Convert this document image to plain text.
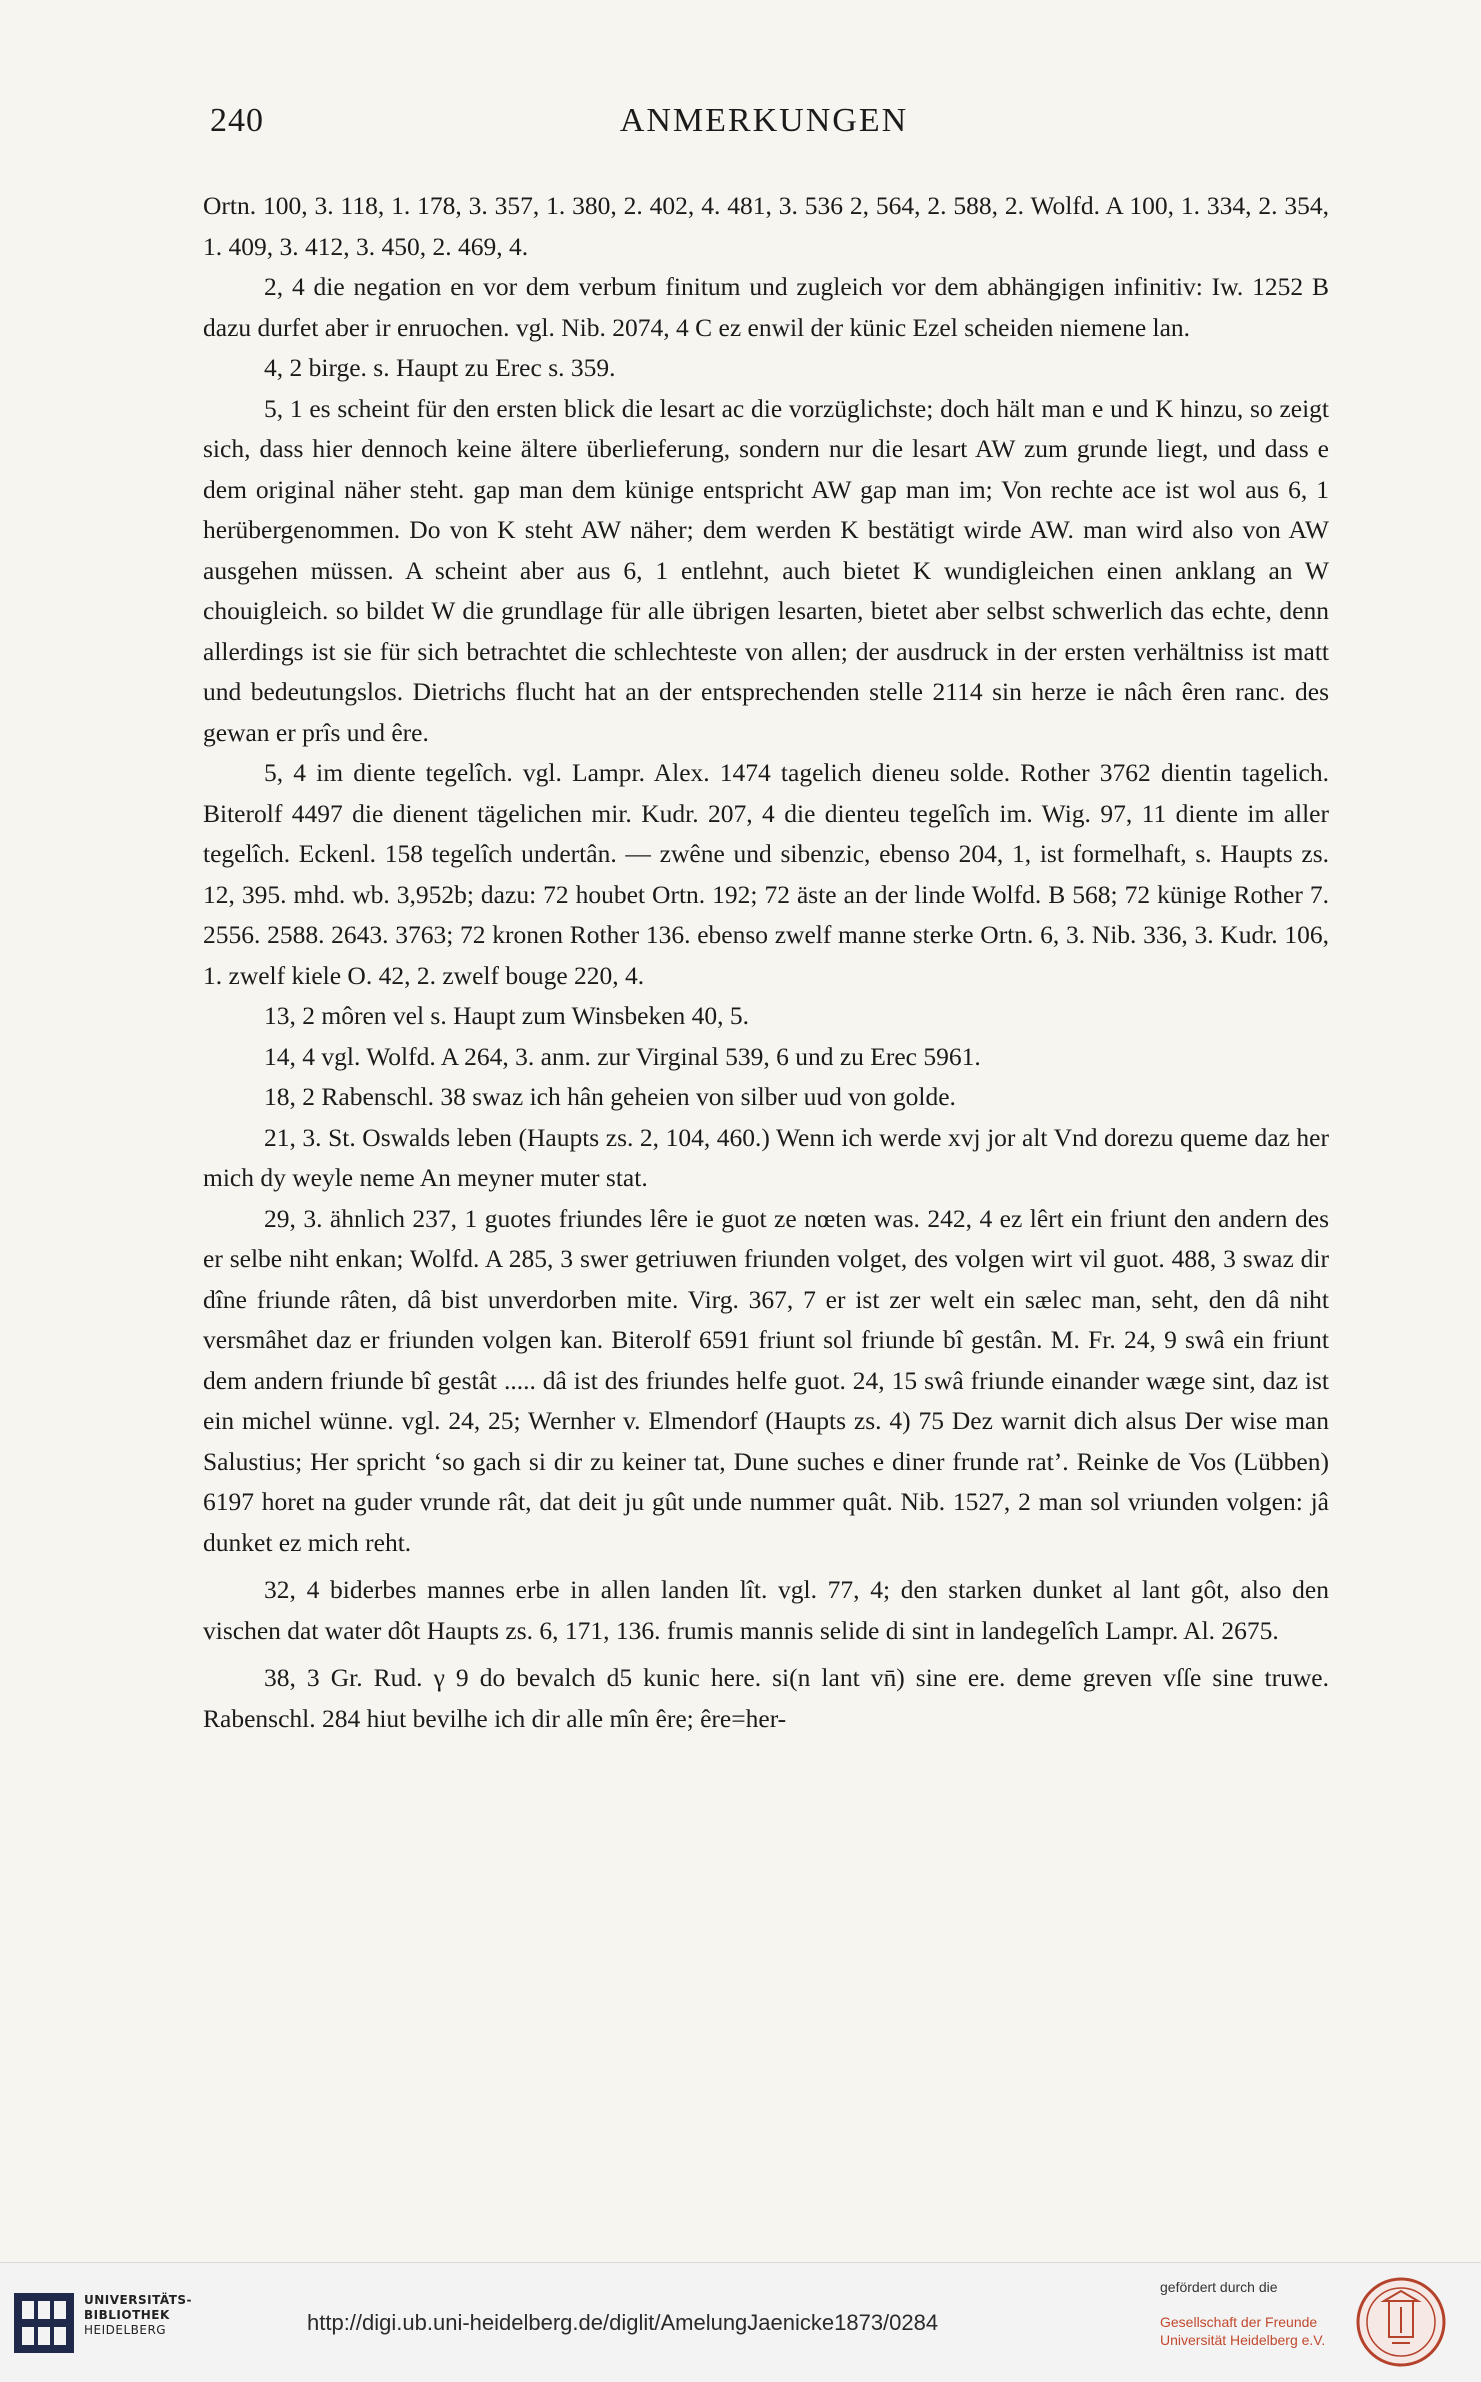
240	ANMERKUNGEN

Ortn. 100, 3. 118, 1. 178, 3. 357, 1. 380, 2. 402, 4. 481, 3. 536 2, 564, 2. 588, 2. Wolfd. A 100, 1. 334, 2. 354, 1. 409, 3. 412, 3. 450, 2. 469, 4.

2, 4 die negation en vor dem verbum finitum und zugleich vor dem abhängigen infinitiv: Iw. 1252 B dazu durfet aber ir enruochen. vgl. Nib. 2074, 4 C ez enwil der künic Ezel scheiden niemene lan.

4, 2 birge. s. Haupt zu Erec s. 359.

5, 1 es scheint für den ersten blick die lesart ac die vorzüglichste; doch hält man e und K hinzu, so zeigt sich, dass hier dennoch keine ältere überlieferung, sondern nur die lesart AW zum grunde liegt, und dass e dem original näher steht. gap man dem künige entspricht AW gap man im; Von rechte ace ist wol aus 6, 1 herübergenommen. Do von K steht AW näher; dem werden K bestätigt wirde AW. man wird also von AW ausgehen müssen. A scheint aber aus 6, 1 entlehnt, auch bietet K wundigleichen einen anklang an W chouigleich. so bildet W die grundlage für alle übrigen lesarten, bietet aber selbst schwerlich das echte, denn allerdings ist sie für sich betrachtet die schlechteste von allen; der ausdruck in der ersten verhältniss ist matt und bedeutungslos. Dietrichs flucht hat an der entsprechenden stelle 2114 sin herze ie nâch êren ranc. des gewan er prîs und êre.

5, 4 im diente tegelîch. vgl. Lampr. Alex. 1474 tagelich dieneu solde. Rother 3762 dientin tagelich. Biterolf 4497 die dienent tägelichen mir. Kudr. 207, 4 die dienteu tegelîch im. Wig. 97, 11 diente im aller tegelîch. Eckenl. 158 tegelîch undertân. — zwêne und sibenzic, ebenso 204, 1, ist formelhaft, s. Haupts zs. 12, 395. mhd. wb. 3,952b; dazu: 72 houbet Ortn. 192; 72 äste an der linde Wolfd. B 568; 72 künige Rother 7. 2556. 2588. 2643. 3763; 72 kronen Rother 136. ebenso zwelf manne sterke Ortn. 6, 3. Nib. 336, 3. Kudr. 106, 1. zwelf kiele O. 42, 2. zwelf bouge 220, 4.

13, 2 môren vel s. Haupt zum Winsbeken 40, 5.

14, 4 vgl. Wolfd. A 264, 3. anm. zur Virginal 539, 6 und zu Erec 5961.

18, 2 Rabenschl. 38 swaz ich hân geheien von silber uud von golde.

21, 3. St. Oswalds leben (Haupts zs. 2, 104, 460.) Wenn ich werde xvj jor alt Vnd dorezu queme daz her mich dy weyle neme An meyner muter stat.

29, 3. ähnlich 237, 1 guotes friundes lêre ie guot ze nœten was. 242, 4 ez lêrt ein friunt den andern des er selbe niht enkan; Wolfd. A 285, 3 swer getriuwen friunden volget, des volgen wirt vil guot. 488, 3 swaz dir dîne friunde râten, dâ bist unverdorben mite. Virg. 367, 7 er ist zer welt ein sælec man, seht, den dâ niht versmâhet daz er friunden volgen kan. Biterolf 6591 friunt sol friunde bî gestân. M. Fr. 24, 9 swâ ein friunt dem andern friunde bî gestât ..... dâ ist des friundes helfe guot. 24, 15 swâ friunde einander wæge sint, daz ist ein michel wünne. vgl. 24, 25; Wernher v. Elmendorf (Haupts zs. 4) 75 Dez warnit dich alsus Der wise man Salustius; Her spricht ‘so gach si dir zu keiner tat, Dune suches e diner frunde rat’. Reinke de Vos (Lübben) 6197 horet na guder vrunde rât, dat deit ju gût unde nummer quât. Nib. 1527, 2 man sol vriunden volgen: jâ dunket ez mich reht.

32, 4 biderbes mannes erbe in allen landen lît. vgl. 77, 4; den starken dunket al lant gôt, also den vischen dat water dôt Haupts zs. 6, 171, 136. frumis mannis selide di sint in landegelîch Lampr. Al. 2675.

38, 3 Gr. Rud. γ 9 do bevalch d5 kunic here. si(n lant vn̄) sine ere. deme greven vſſe sine truwe. Rabenschl. 284 hiut bevilhe ich dir alle mîn êre; êre=her-

UNIVERSITÄTS-
BIBLIOTHEK
HEIDELBERG	http://digi.ub.uni-heidelberg.de/diglit/AmelungJaenicke1873/0284
gefördert durch die
Gesellschaft der Freunde
Universität Heidelberg e.V.
